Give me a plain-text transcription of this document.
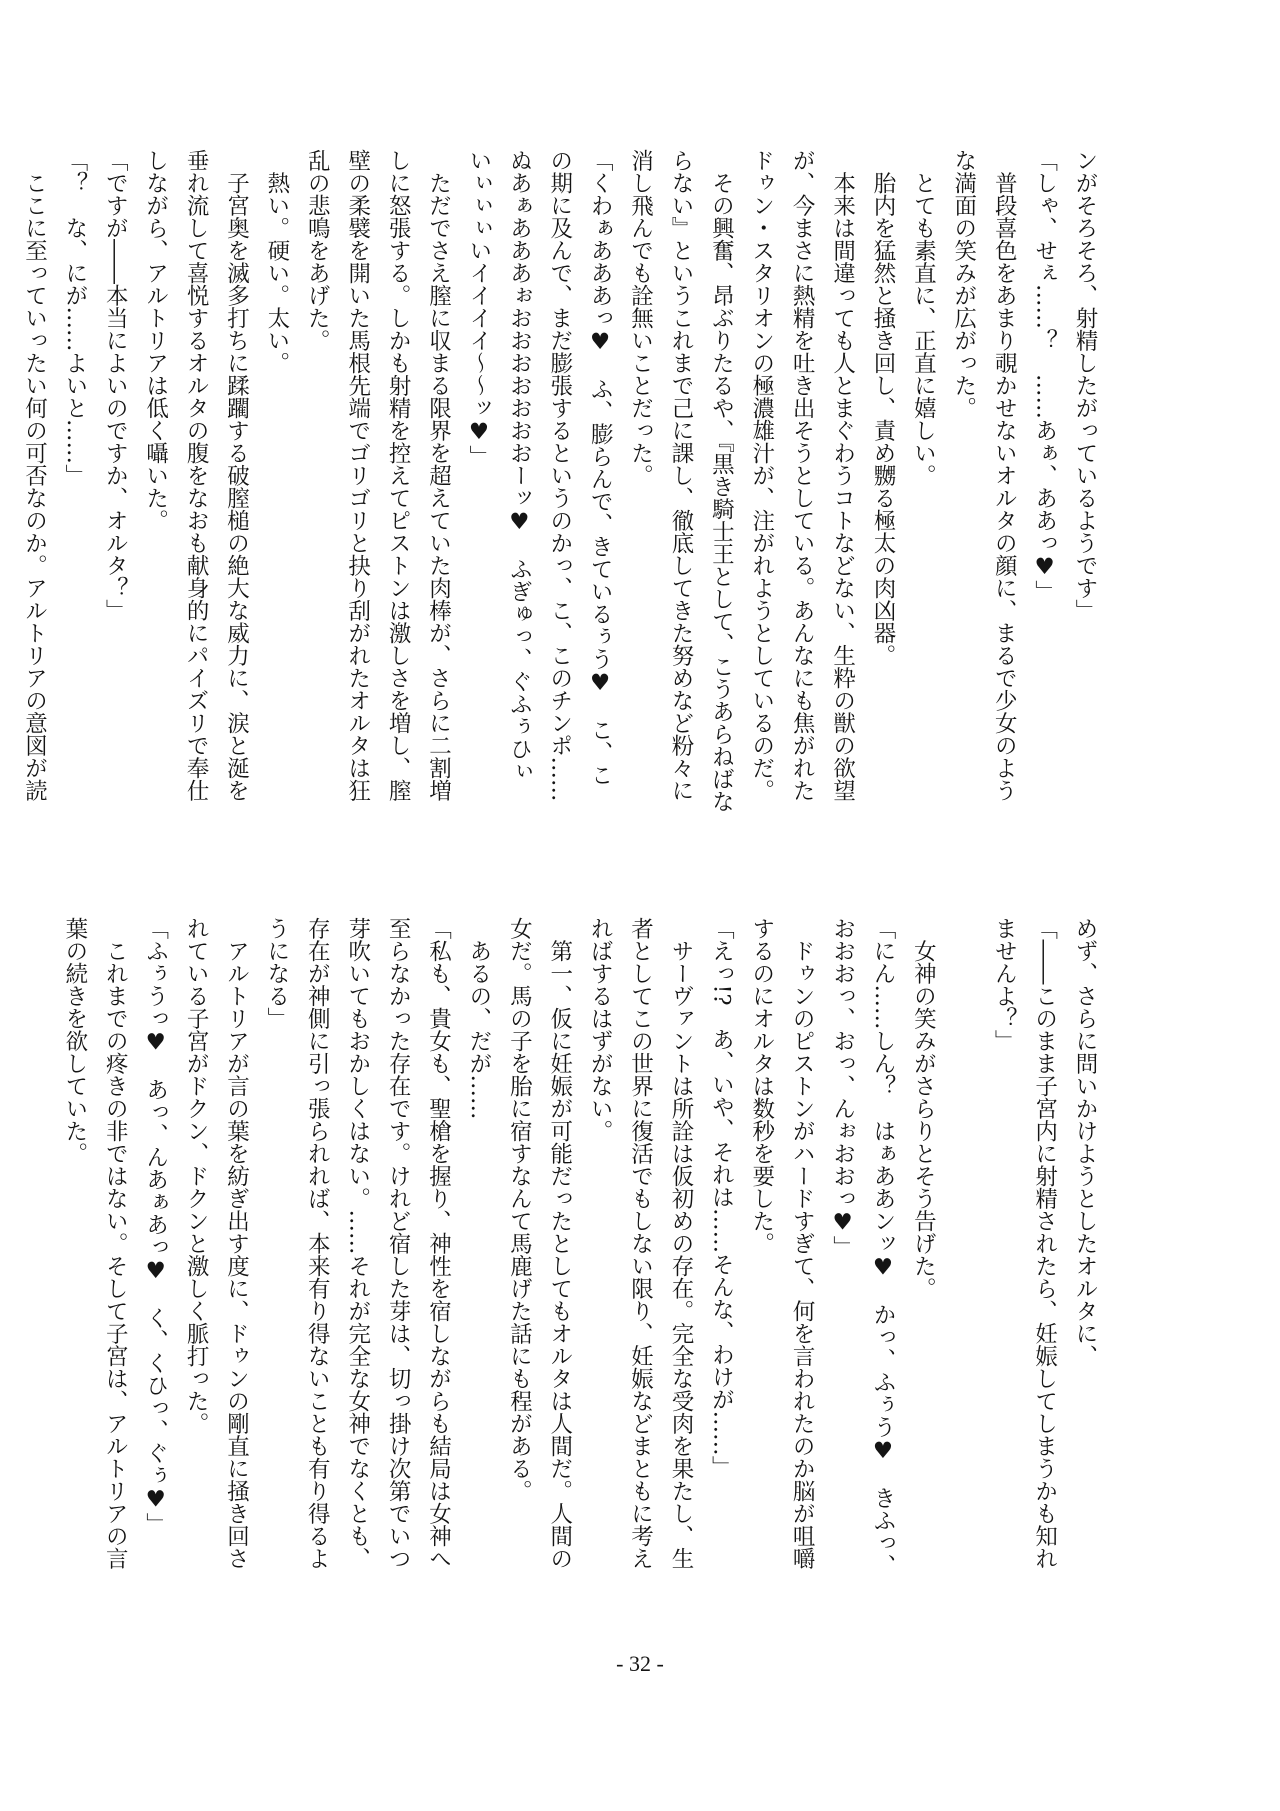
ンがそろそろ、射精したがっているようです」
「しゃ、せぇ……？　……あぁ、ああっ♥」
　普段喜色をあまり覗かせないオルタの顔に、まるで少女のよう
な満面の笑みが広がった。
　とても素直に、正直に嬉しい。
　胎内を猛然と掻き回し、責め嬲る極太の肉凶器。
　本来は間違っても人とまぐわうコトなどない、生粋の獣の欲望
が、今まさに熱精を吐き出そうとしている。あんなにも焦がれた
ドゥン・スタリオンの極濃雄汁が、注がれようとしているのだ。
　その興奮、昂ぶりたるや、『黒き騎士王として、こうあらねばな
らない』というこれまで己に課し、徹底してきた努めなど粉々に
消し飛んでも詮無いことだった。
「くわぁあああっ♥　ふ、膨らんで、きているぅう♥　こ、こ
の期に及んで、まだ膨張するというのかっ、こ、このチンポ……
ぬあぁあああぉおおおおおおおーッ♥　ふぎゅっ、ぐふぅひぃ
いぃぃぃいイイイイ～～ッ♥」
　ただでさえ膣に収まる限界を超えていた肉棒が、さらに二割増
しに怒張する。しかも射精を控えてピストンは激しさを増し、膣
壁の柔襞を開いた馬根先端でゴリゴリと抉り刮がれたオルタは狂
乱の悲鳴をあげた。
　熱い。硬い。太い。
　子宮奥を滅多打ちに蹂躙する破膣槌の絶大な威力に、涙と涎を
垂れ流して喜悦するオルタの腹をなおも献身的にパイズリで奉仕
しながら、アルトリアは低く囁いた。
「ですが――本当によいのですか、オルタ？」
「？　な、にが……よいと……」
　ここに至っていったい何の可否なのか。アルトリアの意図が読
めず、さらに問いかけようとしたオルタに、
「――このまま子宮内に射精されたら、妊娠してしまうかも知れ
ませんよ？」

　女神の笑みがさらりとそう告げた。
「にん……しん？　はぁああンッ♥　かっ、ふぅう♥　きふっ、
おおおっ、おっ、んぉおおっ♥」
　ドゥンのピストンがハードすぎて、何を言われたのか脳が咀嚼
するのにオルタは数秒を要した。
「えっ!?　あ、いや、それは……そんな、わけが……」
　サーヴァントは所詮は仮初めの存在。完全な受肉を果たし、生
者としてこの世界に復活でもしない限り、妊娠などまともに考え
ればするはずがない。
　第一、仮に妊娠が可能だったとしてもオルタは人間だ。人間の
女だ。馬の子を胎に宿すなんて馬鹿げた話にも程がある。
　あるの、だが……
「私も、貴女も、聖槍を握り、神性を宿しながらも結局は女神へ
至らなかった存在です。けれど宿した芽は、切っ掛け次第でいつ
芽吹いてもおかしくはない。……それが完全な女神でなくとも、
存在が神側に引っ張られれば、本来有り得ないことも有り得るよ
うになる」
　アルトリアが言の葉を紡ぎ出す度に、ドゥンの剛直に掻き回さ
れている子宮がドクン、ドクンと激しく脈打った。
「ふぅうっ♥　あっ、んあぁあっ♥　く、くひっ、ぐぅ♥」
　これまでの疼きの非ではない。そして子宮は、アルトリアの言
葉の続きを欲していた。
- 32 -
